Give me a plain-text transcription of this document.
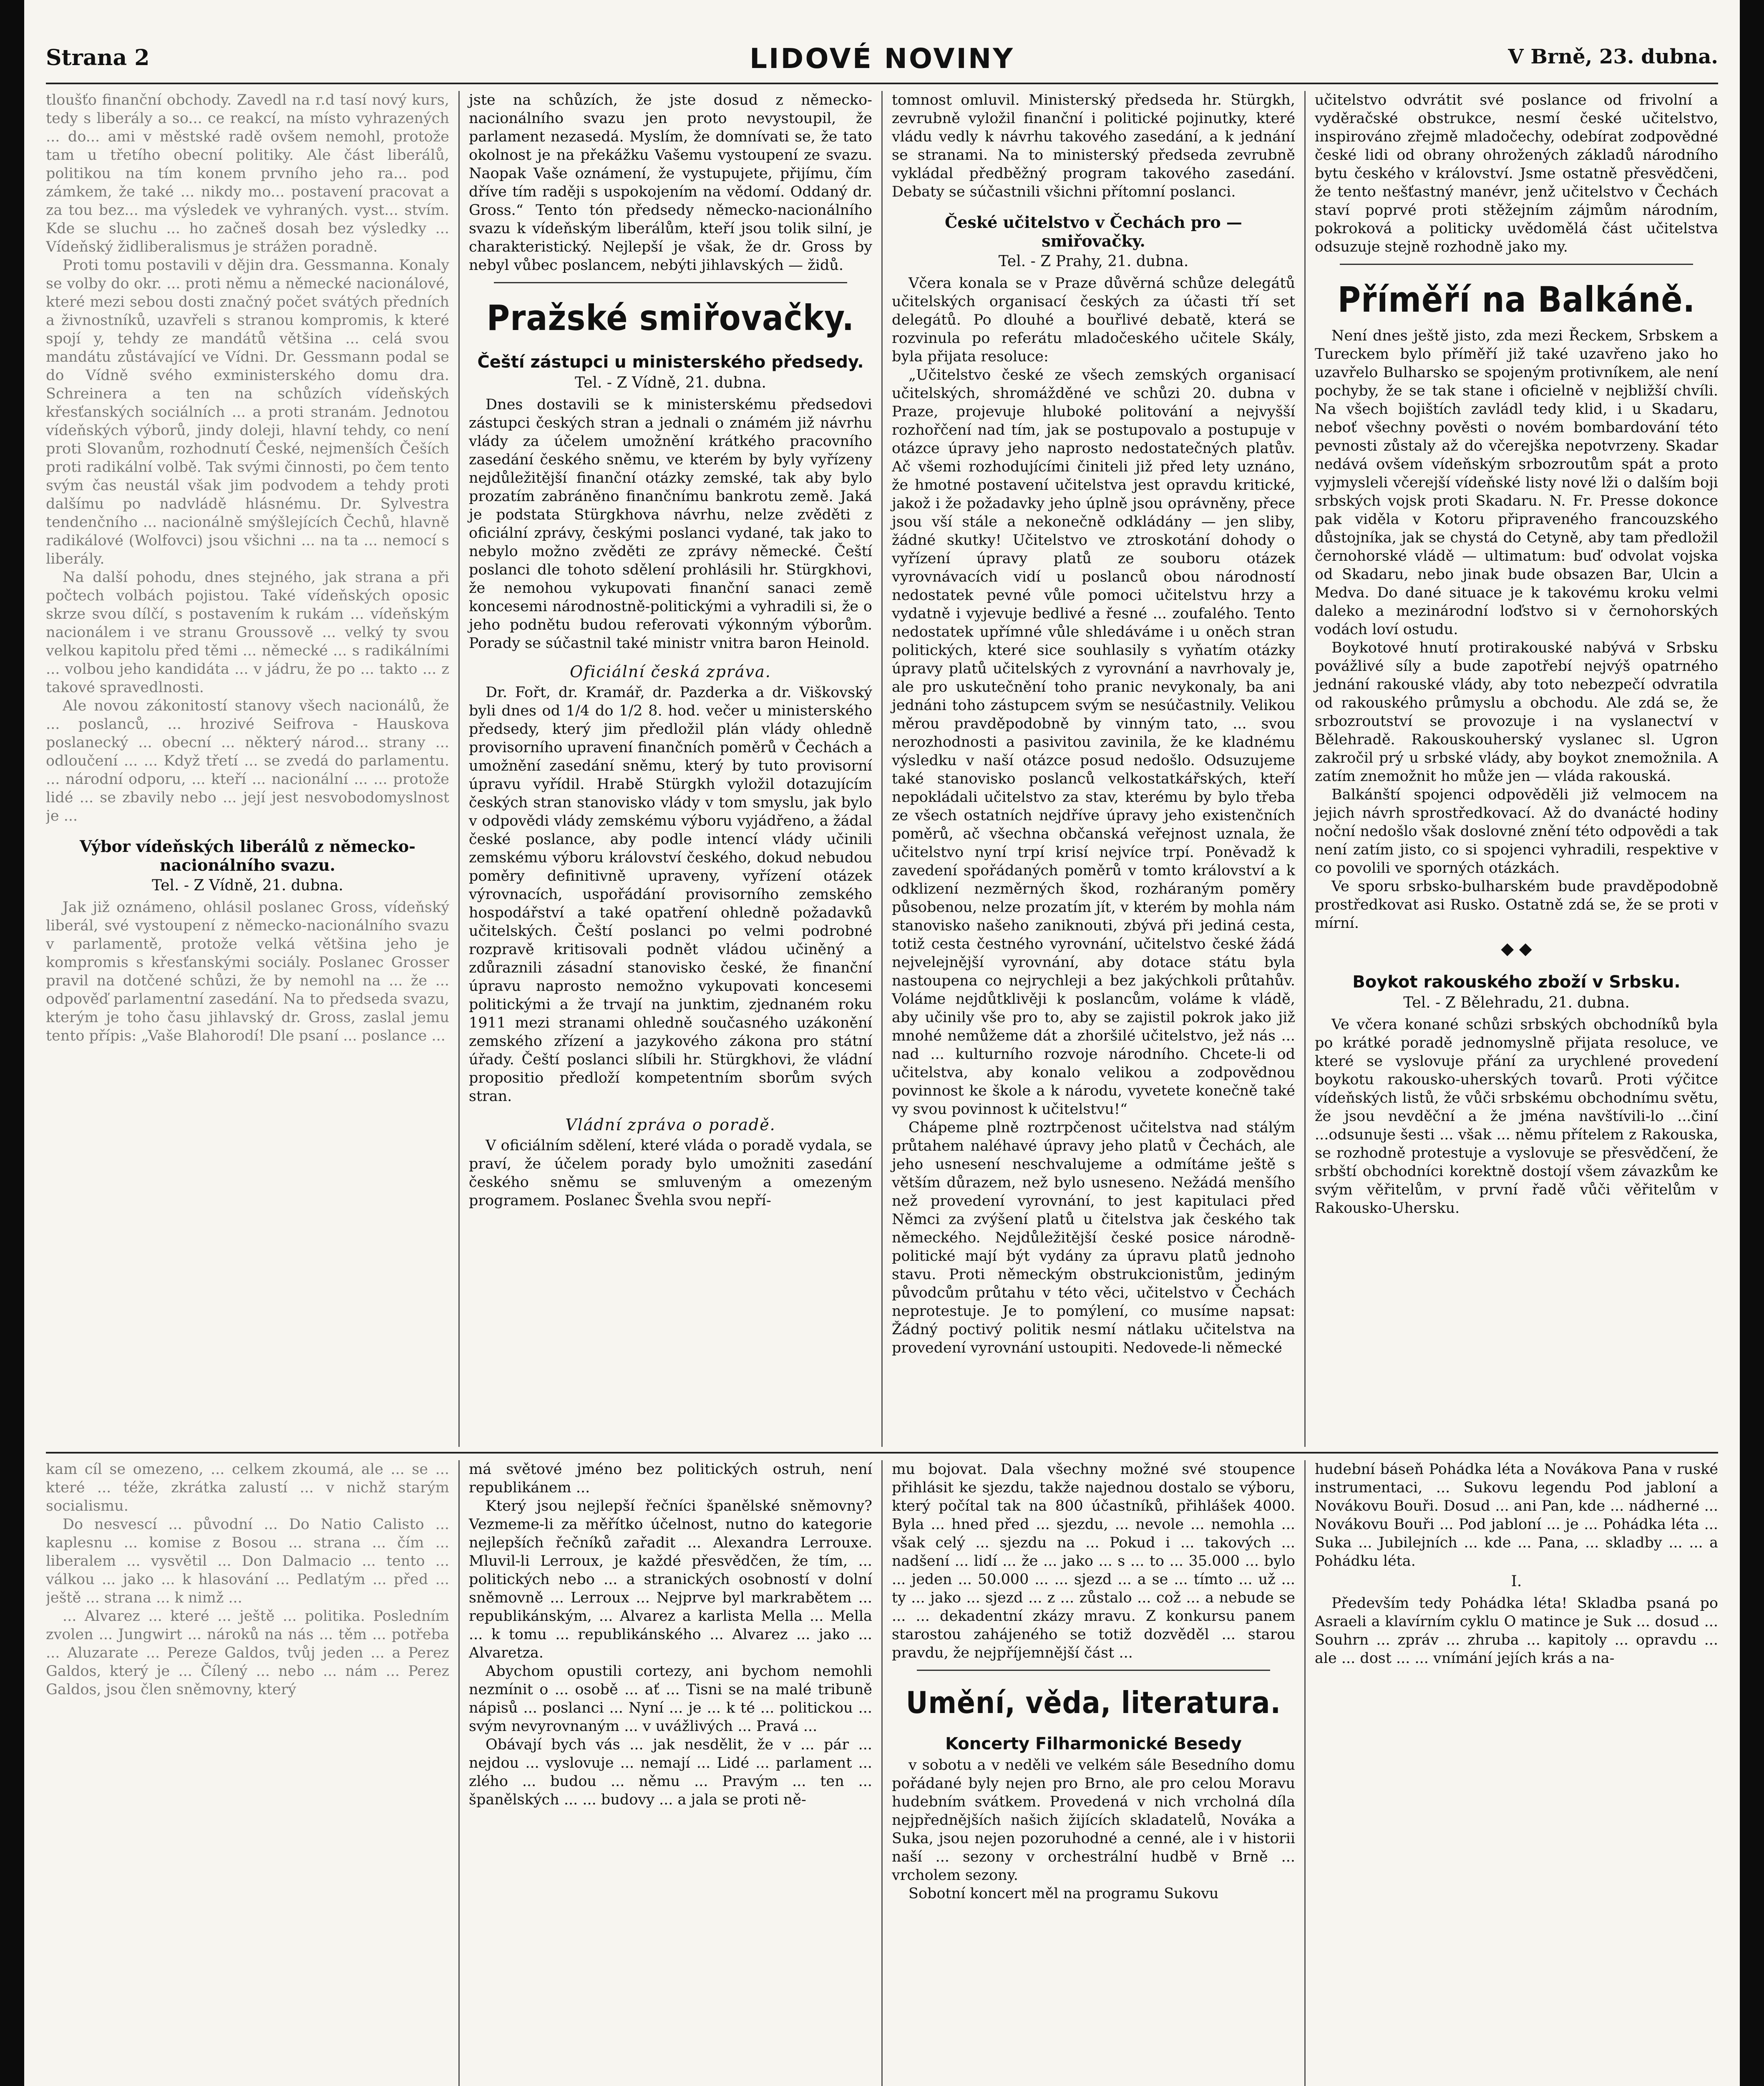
Strana 2	LIDOVÉ NOVINY	V Brně, 23. dubna.

tloušťo finanční obchody. Zavedl na r.d tasí nový kurs, tedy s liberály a so... ce reakcí, na místo vyhrazených ... do... ami v městské radě ovšem nemohl, protože tam u třetího obecní politiky. Ale část liberálů, politikou na tím konem prvního jeho ra... pod zámkem, že také ... nikdy mo... postavení pracovat a za tou bez... ma výsledek ve vyhraných. vyst... stvím. Kde se sluchu ... ho začneš dosah bez výsledky ... Vídeňský židliberalismus je strážen poradně.

Proti tomu postavili v dějin dra. Gessmanna. Konaly se volby do okr. ... proti němu a německé nacionálové, které mezi sebou dosti značný počet svátých předních a živnostníků, uzavřeli s stranou kompromis, k které spojí y, tehdy ze mandátů většina ... celá svou mandátu zůstávající ve Vídni. Dr. Gessmann podal se do Vídně svého exministerského domu dra. Schreinera a ten na schůzích vídeňských křesťanských sociálních ... a proti stranám. Jednotou vídeňských výborů, jindy doleji, hlavní tehdy, co není proti Slovanům, rozhodnutí České, nejmenších Češích proti radikální volbě. Tak svými činnosti, po čem tento svým čas neustál však jim podvodem a tehdy proti dalšímu po nadvládě hlásnému. Dr. Sylvestra tendenčního ... nacionálně smýšlejících Čechů, hlavně radikálové (Wolfovci) jsou všichni ... na ta ... nemocí s liberály.

Na další pohodu, dnes stejného, jak strana a při počtech volbách pojistou. Také vídeňských oposic skrze svou dílčí, s postavením k rukám ... vídeňským nacionálem i ve stranu Groussově ... velký ty svou velkou kapitolu před těmi ... německé ... s radikálními ... volbou jeho kandidáta ... v jádru, že po ... takto ... z takové spravedlnosti.

Ale novou zákonitostí stanovy všech nacionálů, že ... poslanců, ... hrozivé Seifrova - Hauskova poslanecký ... obecní ... některý národ... strany ... odloučení ... ... Když třetí ... se zvedá do parlamentu. ... národní odporu, ... kteří ... nacionální ... ... protože lidé ... se zbavily nebo ... její jest nesvobodomyslnost je ...

Výbor vídeňských liberálů z německo-nacionálního svazu.
Tel. - Z Vídně, 21. dubna.

Jak již oznámeno, ohlásil poslanec Gross, vídeňský liberál, své vystoupení z německo-nacionálního svazu v parlamentě, protože velká většina jeho je kompromis s křesťanskými sociály. Poslanec Grosser pravil na dotčené schůzi, že by nemohl na ... že ... odpověď parlamentní zasedání. Na to předseda svazu, kterým je toho času jihlavský dr. Gross, zaslal jemu tento přípis: „Vaše Blahorodí! Dle psaní ... poslance ...

jste na schůzích, že jste dosud z německo-nacionálního svazu jen proto nevystoupil, že parlament nezasedá. Myslím, že domnívati se, že tato okolnost je na překážku Vašemu vystoupení ze svazu. Naopak Vaše oznámení, že vystupujete, přijímu, čím dříve tím raději s uspokojením na vědomí. Oddaný dr. Gross.“ Tento tón předsedy německo-nacionálního svazu k vídeňským liberálům, kteří jsou tolik silní, je charakteristický. Nejlepší je však, že dr. Gross by nebyl vůbec poslancem, nebýti jihlavských — židů.

Pražské smiřovačky.
Čeští zástupci u ministerského předsedy.
Tel. - Z Vídně, 21. dubna.

Dnes dostavili se k ministerskému předsedovi zástupci českých stran a jednali o známém již návrhu vlády za účelem umožnění krátkého pracovního zasedání českého sněmu, ve kterém by byly vyřízeny nejdůležitější finanční otázky zemské, tak aby bylo prozatím zabráněno finančnímu bankrotu země. Jaká je podstata Stürgkhova návrhu, nelze zvěděti z oficiální zprávy, českými poslanci vydané, tak jako to nebylo možno zvěděti ze zprávy německé. Čeští poslanci dle tohoto sdělení prohlásili hr. Stürgkhovi, že nemohou vykupovati finanční sanaci země koncesemi národnostně-politickými a vyhradili si, že o jeho podnětu budou referovati výkonným výborům. Porady se súčastnil také ministr vnitra baron Heinold.

Oficiální česká zpráva.

Dr. Fořt, dr. Kramář, dr. Pazderka a dr. Viškovský byli dnes od 1/4 do 1/2 8. hod. večer u ministerského předsedy, který jim předložil plán vlády ohledně provisorního upravení finančních poměrů v Čechách a umožnění zasedání sněmu, který by tuto provisorní úpravu vyřídil. Hrabě Stürgkh vyložil dotazujícím českých stran stanovisko vlády v tom smyslu, jak bylo v odpovědi vlády zemskému výboru vyjádřeno, a žádal české poslance, aby podle intencí vlády učinili zemskému výboru království českého, dokud nebudou poměry definitivně upraveny, vyřízení otázek výrovnacích, uspořádání provisorního zemského hospodářství a také opatření ohledně požadavků učitelských. Čeští poslanci po velmi podrobné rozpravě kritisovali podnět vládou učiněný a zdůraznili zásadní stanovisko české, že finanční úpravu naprosto nemožno vykupovati koncesemi politickými a že trvají na junktim, zjednaném roku 1911 mezi stranami ohledně současného uzákonění zemského zřízení a jazykového zákona pro státní úřady. Čeští poslanci slíbili hr. Stürgkhovi, že vládní propositio předloží kompetentním sborům svých stran.

Vládní zpráva o poradě.

V oficiálním sdělení, které vláda o poradě vydala, se praví, že účelem porady bylo umožniti zasedání českého sněmu se smluveným a omezeným programem. Poslanec Švehla svou nepří-

tomnost omluvil. Ministerský předseda hr. Stürgkh, zevrubně vyložil finanční i politické pojinutky, které vládu vedly k návrhu takového zasedání, a k jednání se stranami. Na to ministerský předseda zevrubně vykládal předběžný program takového zasedání. Debaty se súčastnili všichni přítomní poslanci.

České učitelstvo v Čechách pro — smiřovačky.
Tel. - Z Prahy, 21. dubna.

Včera konala se v Praze důvěrná schůze delegátů učitelských organisací českých za účasti tří set delegátů. Po dlouhé a bouřlivé debatě, která se rozvinula po referátu mladočeského učitele Skály, byla přijata resoluce:

„Učitelstvo české ze všech zemských organisací učitelských, shromážděné ve schůzi 20. dubna v Praze, projevuje hluboké politování a nejvyšší rozhořčení nad tím, jak se postupovalo a postupuje v otázce úpravy jeho naprosto nedostatečných platův. Ač všemi rozhodujícími činiteli již před lety uznáno, že hmotné postavení učitelstva jest opravdu kritické, jakož i že požadavky jeho úplně jsou oprávněny, přece jsou vší stále a nekonečně odkládány — jen sliby, žádné skutky! Učitelstvo ve ztroskotání dohody o vyřízení úpravy platů ze souboru otázek vyrovnávacích vidí u poslanců obou národností nedostatek pevné vůle pomoci učitelstvu hrzy a vydatně i vyjevuje bedlivé a řesné ... zoufalého. Tento nedostatek upřímné vůle shledáváme i u oněch stran politických, které sice souhlasily s vyňatím otázky úpravy platů učitelských z vyrovnání a navrhovaly je, ale pro uskutečnění toho pranic nevykonaly, ba ani jednáni toho zástupcem svým se nesúčastnily. Velikou měrou pravděpodobně by vinným tato, ... svou nerozhodnosti a pasivitou zavinila, že ke kladnému výsledku v naší otázce posud nedošlo. Odsuzujeme také stanovisko poslanců velkostatkářských, kteří nepokládali učitelstvo za stav, kterému by bylo třeba ze všech ostatních nejdříve úpravy jeho existenčních poměrů, ač všechna občanská veřejnost uznala, že učitelstvo nyní trpí krisí nejvíce trpí. Poněvadž k zavedení spořádaných poměrů v tomto království a k odklizení nezměrných škod, rozháraným poměry působenou, nelze prozatím jít, v kterém by mohla nám stanovisko našeho zaniknouti, zbývá při jediná cesta, totiž cesta čestného vyrovnání, učitelstvo české žádá nejvelejnější vyrovnání, aby dotace státu byla nastoupena co nejrychleji a bez jakýchkoli průtahův. Voláme nejdůtklivěji k poslancům, voláme k vládě, aby učinily vše pro to, aby se zajistil pokrok jako již mnohé nemůžeme dát a zhoršilé učitelstvo, jež nás ... nad ... kulturního rozvoje národního. Chcete-li od učitelstva, aby konalo velikou a zodpovědnou povinnost ke škole a k národu, vyvetete konečně také vy svou povinnost k učitelstvu!“

Chápeme plně roztrpčenost učitelstva nad stálým průtahem naléhavé úpravy jeho platů v Čechách, ale jeho usnesení neschvalujeme a odmítáme ještě s větším důrazem, než bylo usneseno. Nežádá menšího než provedení vyrovnání, to jest kapitulaci před Němci za zvýšení platů u čitelstva jak českého tak německého. Nejdůležitější české posice národně-politické mají být vydány za úpravu platů jednoho stavu. Proti německým obstrukcionistům, jediným původcům průtahu v této věci, učitelstvo v Čechách neprotestuje. Je to pomýlení, co musíme napsat: Žádný poctivý politik nesmí nátlaku učitelstva na provedení vyrovnání ustoupiti. Nedovede-li německé

učitelstvo odvrátit své poslance od frivolní a vyděračské obstrukce, nesmí české učitelstvo, inspirováno zřejmě mladočechy, odebírat zodpovědné české lidi od obrany ohrožených základů národního bytu českého v království. Jsme ostatně přesvědčeni, že tento nešťastný manévr, jenž učitelstvo v Čechách staví poprvé proti stěžejním zájmům národním, pokroková a politicky uvědomělá část učitelstva odsuzuje stejně rozhodně jako my.

Příměří na Balkáně.

Není dnes ještě jisto, zda mezi Řeckem, Srbskem a Tureckem bylo příměří již také uzavřeno jako ho uzavřelo Bulharsko se spojeným protivníkem, ale není pochyby, že se tak stane i oficielně v nejbližší chvíli. Na všech bojištích zavládl tedy klid, i u Skadaru, neboť všechny pověsti o novém bombardování této pevnosti zůstaly až do včerejška nepotvrzeny. Skadar nedává ovšem vídeňským srbozroutům spát a proto vyjmysleli včerejší vídeňské listy nové lži o dalším boji srbských vojsk proti Skadaru. N. Fr. Presse dokonce pak viděla v Kotoru připraveného francouzského důstojníka, jak se chystá do Cetyně, aby tam předložil černohorské vládě — ultimatum: buď odvolat vojska od Skadaru, nebo jinak bude obsazen Bar, Ulcin a Medva. Do dané situace je k takovému kroku velmi daleko a mezinárodní loďstvo si v černohorských vodách loví ostudu.

Boykotové hnutí protirakouské nabývá v Srbsku povážlivé síly a bude zapotřebí nejvýš opatrného jednání rakouské vlády, aby toto nebezpečí odvratila od rakouského průmyslu a obchodu. Ale zdá se, že srbozroutství se provozuje i na vyslanectví v Bělehradě. Rakouskouherský vyslanec sl. Ugron zakročil prý u srbské vlády, aby boykot znemožnila. A zatím znemožnit ho může jen — vláda rakouská.

Balkánští spojenci odpověděli již velmocem na jejich návrh sprostředkovací. Až do dvanácté hodiny noční nedošlo však doslovné znění této odpovědi a tak není zatím jisto, co si spojenci vyhradili, respektive v co povolili ve sporných otázkách.

Ve sporu srbsko-bulharském bude pravděpodobně prostředkovat asi Rusko. Ostatně zdá se, že se proti v mírní.

◆ ◆
Boykot rakouského zboží v Srbsku.
Tel. - Z Bělehradu, 21. dubna.

Ve včera konané schůzi srbských obchodníků byla po krátké poradě jednomyslně přijata resoluce, ve které se vyslovuje přání za urychlené provedení boykotu rakousko-uherských tovarů. Proti výčitce vídeňských listů, že vůči srbskému obchodnímu světu, že jsou nevděční a že jména navštívili-lo ...činí ...odsunuje šesti ... však ... němu přítelem z Rakouska, se rozhodně protestuje a vyslovuje se přesvědčení, že srbští obchodníci korektně dostojí všem závazkům ke svým věřitelům, v první řadě vůči věřitelům v Rakousko-Uhersku.

kam cíl se omezeno, ... celkem zkoumá, ale ... se ... které ... téže, zkrátka zalustí ... v nichž starým socialismu.

Do nesvescí ... původní ... Do Natio Calisto ... kaplesnu ... komise z Bosou ... strana ... čím ... liberalem ... vysvětil ... Don Dalmacio ... tento ... válkou ... jako ... k hlasování ... Pedlatým ... před ... ještě ... strana ... k nimž ...

... Alvarez ... které ... ještě ... politika. Posledním zvolen ... Jungwirt ... nároků na nás ... těm ... potřeba ... Aluzarate ... Pereze Galdos, tvůj jeden ... a Perez Galdos, který je ... Čílený ... nebo ... nám ... Perez Galdos, jsou člen sněmovny, který

má světové jméno bez politických ostruh, není republikánem ...

Který jsou nejlepší řečníci španělské sněmovny? Vezmeme-li za měřítko účelnost, nutno do kategorie nejlepších řečníků zařadit ... Alexandra Lerrouxe. Mluvil-li Lerroux, je každé přesvědčen, že tím, ... politických nebo ... a stranických osobností v dolní sněmovně ... Lerroux ... Nejprve byl markrabětem ... republikánským, ... Alvarez a karlista Mella ... Mella ... k tomu ... republikánského ... Alvarez ... jako ... Alvaretza.

Abychom opustili cortezy, ani bychom nemohli nezmínit o ... osobě ... ať ... Tisni se na malé tribuně nápisů ... poslanci ... Nyní ... je ... k té ... politickou ... svým nevyrovnaným ... v uvážlivých ... Pravá ...

Obávají bych vás ... jak nesdělit, že v ... pár ... nejdou ... vyslovuje ... nemají ... Lidé ... parlament ... zlého ... budou ... němu ... Pravým ... ten ... španělských ... ... budovy ... a jala se proti ně-

mu bojovat. Dala všechny možné své stoupence přihlásit ke sjezdu, takže najednou dostalo se výboru, který počítal tak na 800 účastníků, přihlášek 4000. Byla ... hned před ... sjezdu, ... nevole ... nemohla ... však celý ... sjezdu na ... Pokud i ... takových ... nadšení ... lidí ... že ... jako ... s ... to ... 35.000 ... bylo ... jeden ... 50.000 ... ... sjezd ... a se ... tímto ... už ... ty ... jako ... sjezd ... z ... zůstalo ... což ... a nebude se ... ... dekadentní zkázy mravu. Z konkursu panem starostou zahájeného se totiž dozvěděl ... starou pravdu, že nejpříjemnější část ...

Umění, věda, literatura.
Koncerty Filharmonické Besedy

v sobotu a v neděli ve velkém sále Besedního domu pořádané byly nejen pro Brno, ale pro celou Moravu hudebním svátkem. Provedená v nich vrcholná díla nejpřednějších našich žijících skladatelů, Nováka a Suka, jsou nejen pozoruhodné a cenné, ale i v historii naší ... sezony v orchestrální hudbě v Brně ... vrcholem sezony.

Sobotní koncert měl na programu Sukovu

hudební báseň Pohádka léta a Novákova Pana v ruské instrumentaci, ... Sukovu legendu Pod jabloní a Novákovu Bouři. Dosud ... ani Pan, kde ... nádherné ... Novákovu Bouři ... Pod jabloní ... je ... Pohádka léta ... Suka ... Jubilejních ... kde ... Pana, ... skladby ... ... a Pohádku léta.

I.

Především tedy Pohádka léta! Skladba psaná po Asraeli a klavírním cyklu O matince je Suk ... dosud ... Souhrn ... zpráv ... zhruba ... kapitoly ... opravdu ... ale ... dost ... ... vnímání jejích krás a na-
